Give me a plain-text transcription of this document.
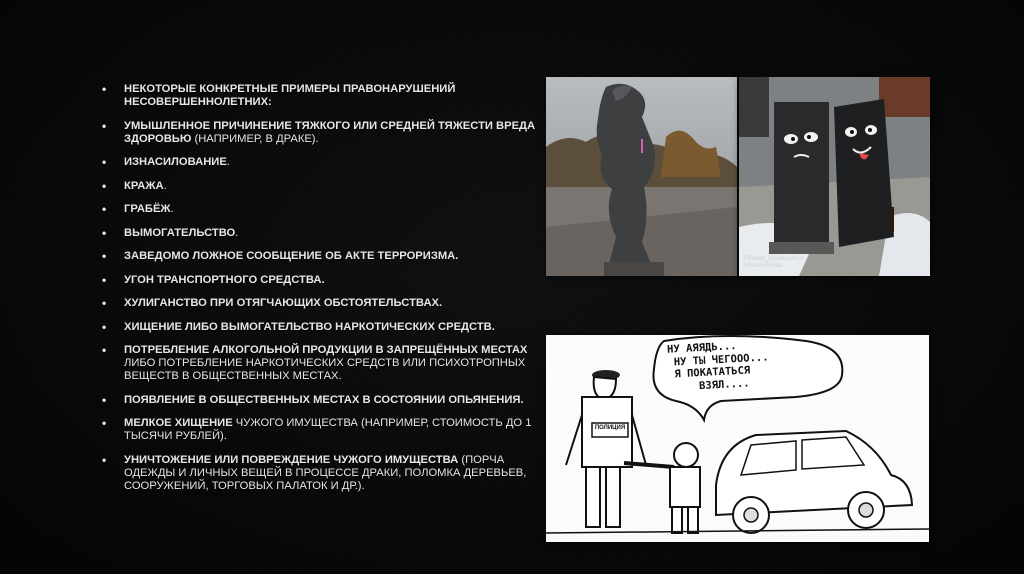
• НЕКОТОРЫЕ КОНКРЕТНЫЕ ПРИМЕРЫ ПРАВОНАРУШЕНИЙ НЕСОВЕРШЕННОЛЕТНИХ:
• УМЫШЛЕННОЕ ПРИЧИНЕНИЕ ТЯЖКОГО ИЛИ СРЕДНЕЙ ТЯЖЕСТИ ВРЕДА ЗДОРОВЬЮ (НАПРИМЕР, В ДРАКЕ).
• ИЗНАСИЛОВАНИЕ.
• КРАЖА.
• ГРАБЁЖ.
• ВЫМОГАТЕЛЬСТВО.
• ЗАВЕДОМО ЛОЖНОЕ СООБЩЕНИЕ ОБ АКТЕ ТЕРРОРИЗМА.
• УГОН ТРАНСПОРТНОГО СРЕДСТВА.
• ХУЛИГАНСТВО ПРИ ОТЯГЧАЮЩИХ ОБСТОЯТЕЛЬСТВАХ.
• ХИЩЕНИЕ ЛИБО ВЫМОГАТЕЛЬСТВО НАРКОТИЧЕСКИХ СРЕДСТВ.
• ПОТРЕБЛЕНИЕ АЛКОГОЛЬНОЙ ПРОДУКЦИИ В ЗАПРЕЩЁННЫХ МЕСТАХ ЛИБО ПОТРЕБЛЕНИЕ НАРКОТИЧЕСКИХ СРЕДСТВ ИЛИ ПСИХОТРОПНЫХ ВЕЩЕСТВ В ОБЩЕСТВЕННЫХ МЕСТАХ.
• ПОЯВЛЕНИЕ В ОБЩЕСТВЕННЫХ МЕСТАХ В СОСТОЯНИИ ОПЬЯНЕНИЯ.
• МЕЛКОЕ ХИЩЕНИЕ ЧУЖОГО ИМУЩЕСТВА (НАПРИМЕР, СТОИМОСТЬ ДО 1 ТЫСЯЧИ РУБЛЕЙ).
• УНИЧТОЖЕНИЕ ИЛИ ПОВРЕЖДЕНИЕ ЧУЖОГО ИМУЩЕСТВА (ПОРЧА ОДЕЖДЫ И ЛИЧНЫХ ВЕЩЕЙ В ПРОЦЕССЕ ДРАКИ, ПОЛОМКА ДЕРЕВЬЕВ, СООРУЖЕНИЙ, ТОРГОВЫХ ПАЛАТОК И ДР.).
©Reddit_SirJukesALot
©Bored Panda
НУ АЯЯДЬ...
НУ ТЫ ЧЕГООО...
Я ПОКАТАТЬСЯ
ВЗЯЛ....
ПОЛИЦИЯ
